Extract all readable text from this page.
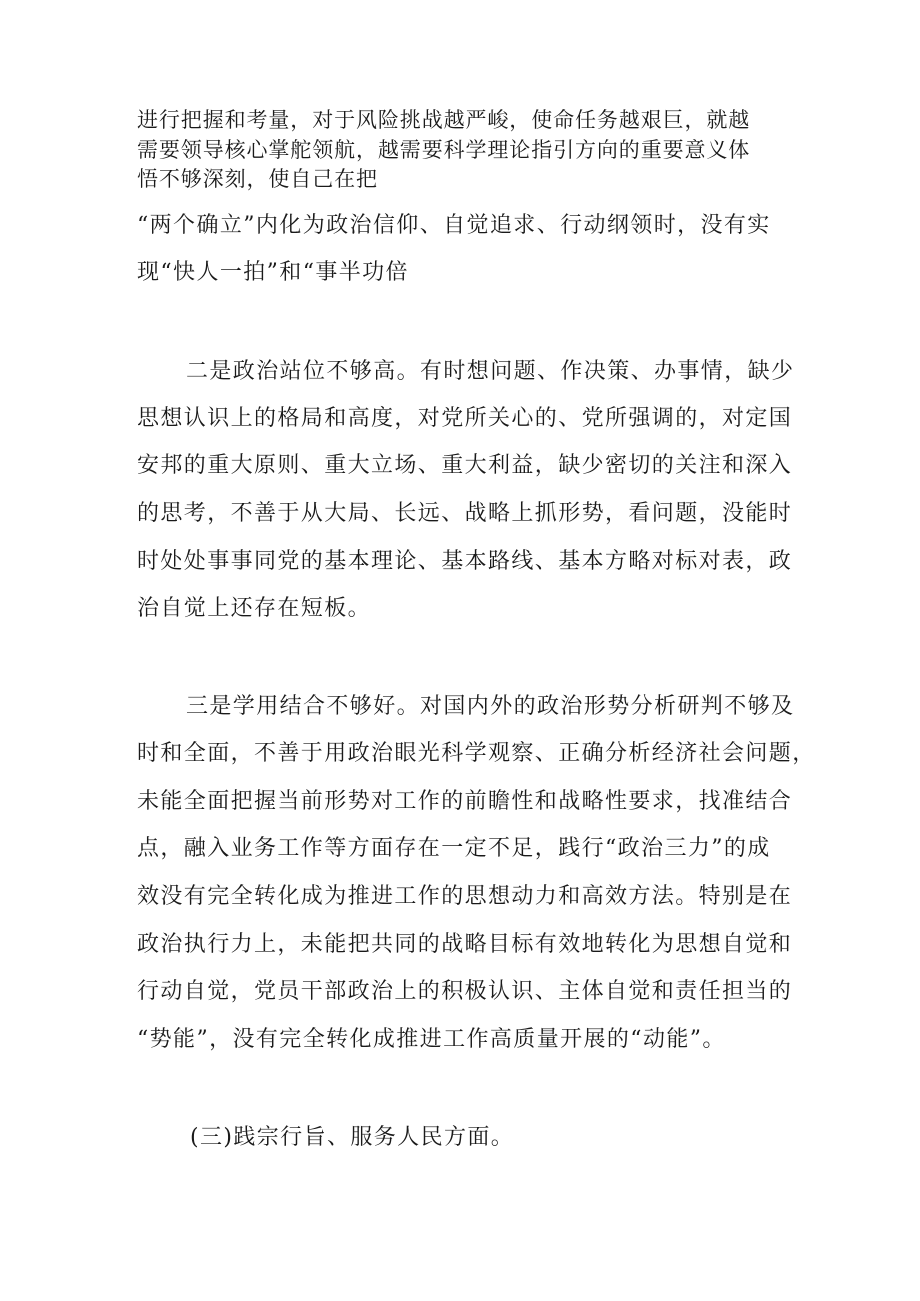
进行把握和考量，对于风险挑战越严峻，使命任务越艰巨，就越
需要领导核心掌舵领航，越需要科学理论指引方向的重要意义体
悟不够深刻，使自己在把
“两个确立”内化为政治信仰、自觉追求、行动纲领时，没有实
现“快人一拍”和“事半功倍
二是政治站位不够高。有时想问题、作决策、办事情，缺少
思想认识上的格局和高度，对党所关心的、党所强调的，对定国
安邦的重大原则、重大立场、重大利益，缺少密切的关注和深入
的思考，不善于从大局、长远、战略上抓形势，看问题，没能时
时处处事事同党的基本理论、基本路线、基本方略对标对表，政
治自觉上还存在短板。
三是学用结合不够好。对国内外的政治形势分析研判不够及
时和全面，不善于用政治眼光科学观察、正确分析经济社会问题，
未能全面把握当前形势对工作的前瞻性和战略性要求，找准结合
点，融入业务工作等方面存在一定不足，践行“政治三力”的成
效没有完全转化成为推进工作的思想动力和高效方法。特别是在
政治执行力上，未能把共同的战略目标有效地转化为思想自觉和
行动自觉，党员干部政治上的积极认识、主体自觉和责任担当的
“势能”，没有完全转化成推进工作高质量开展的“动能”。
(三)践宗行旨、服务人民方面。
